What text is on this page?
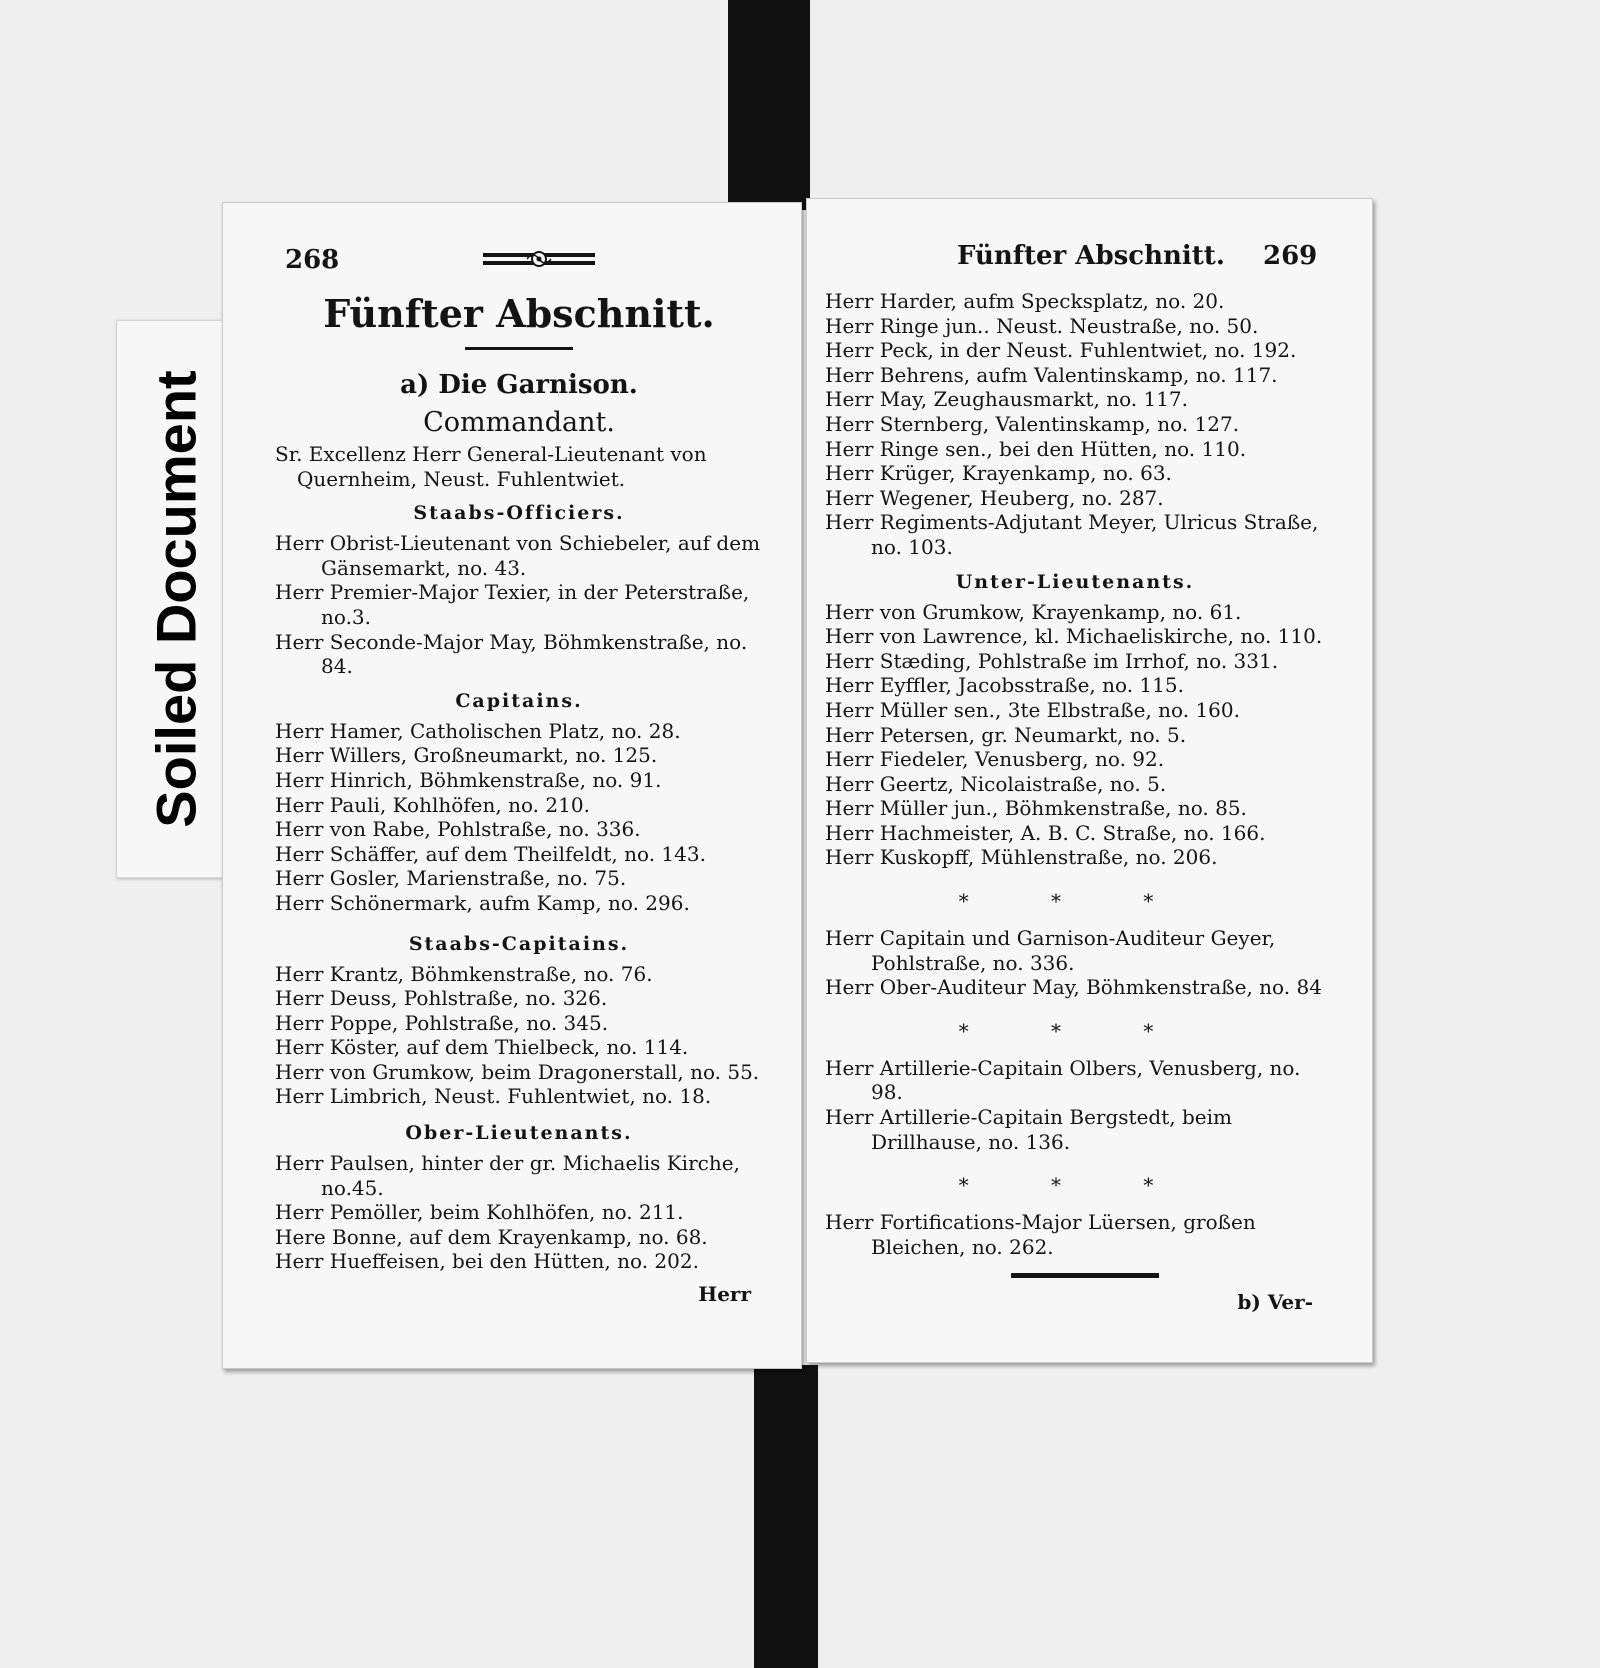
Soiled Document
268
Fünfter Abschnitt.
a) Die Garnison.
Commandant.

Sr. Excellenz Herr General-Lieutenant von Quernheim, Neust. Fuhlentwiet.

Staabs-Officiers.

Herr Obrist-Lieutenant von Schiebeler, auf dem Gänsemarkt, no. 43.

Herr Premier-Major Texier, in der Peterstraße, no.3.

Herr Seconde-Major May, Böhmkenstraße, no. 84.

Capitains.

Herr Hamer, Catholischen Platz, no. 28.

Herr Willers, Großneumarkt, no. 125.

Herr Hinrich, Böhmkenstraße, no. 91.

Herr Pauli, Kohlhöfen, no. 210.

Herr von Rabe, Pohlstraße, no. 336.

Herr Schäffer, auf dem Theilfeldt, no. 143.

Herr Gosler, Marienstraße, no. 75.

Herr Schönermark, aufm Kamp, no. 296.

Staabs-Capitains.

Herr Krantz, Böhmkenstraße, no. 76.

Herr Deuss, Pohlstraße, no. 326.

Herr Poppe, Pohlstraße, no. 345.

Herr Köster, auf dem Thielbeck, no. 114.

Herr von Grumkow, beim Dragonerstall, no. 55.

Herr Limbrich, Neust. Fuhlentwiet, no. 18.

Ober-Lieutenants.

Herr Paulsen, hinter der gr. Michaelis Kirche, no.45.

Herr Pemöller, beim Kohlhöfen, no. 211.

Here Bonne, auf dem Krayenkamp, no. 68.

Herr Hueffeisen, bei den Hütten, no. 202.

Herr
Fünfter Abschnitt. 269

Herr Harder, aufm Specksplatz, no. 20.

Herr Ringe jun.. Neust. Neustraße, no. 50.

Herr Peck, in der Neust. Fuhlentwiet, no. 192.

Herr Behrens, aufm Valentinskamp, no. 117.

Herr May, Zeughausmarkt, no. 117.

Herr Sternberg, Valentinskamp, no. 127.

Herr Ringe sen., bei den Hütten, no. 110.

Herr Krüger, Krayenkamp, no. 63.

Herr Wegener, Heuberg, no. 287.

Herr Regiments-Adjutant Meyer, Ulricus Straße, no. 103.

Unter-Lieutenants.

Herr von Grumkow, Krayenkamp, no. 61.

Herr von Lawrence, kl. Michaeliskirche, no. 110.

Herr Stæding, Pohlstraße im Irrhof, no. 331.

Herr Eyffler, Jacobsstraße, no. 115.

Herr Müller sen., 3te Elbstraße, no. 160.

Herr Petersen, gr. Neumarkt, no. 5.

Herr Fiedeler, Venusberg, no. 92.

Herr Geertz, Nicolaistraße, no. 5.

Herr Müller jun., Böhmkenstraße, no. 85.

Herr Hachmeister, A. B. C. Straße, no. 166.

Herr Kuskopff, Mühlenstraße, no. 206.

* * *

Herr Capitain und Garnison-Auditeur Geyer, Pohlstraße, no. 336.

Herr Ober-Auditeur May, Böhmkenstraße, no. 84

* * *

Herr Artillerie-Capitain Olbers, Venusberg, no. 98.

Herr Artillerie-Capitain Bergstedt, beim Drillhause, no. 136.

* * *

Herr Fortifications-Major Lüersen, großen Bleichen, no. 262.

b) Ver-
